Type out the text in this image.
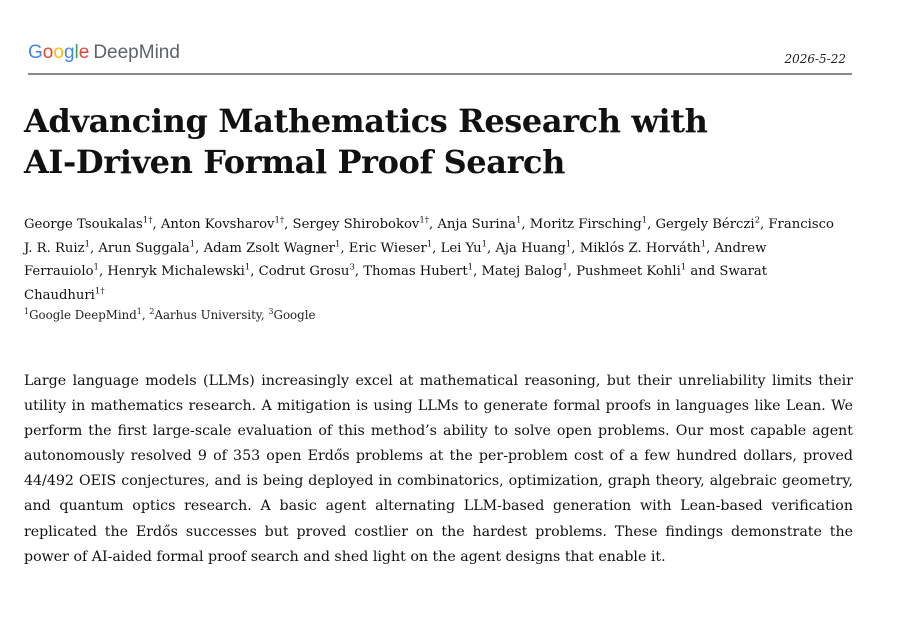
Google DeepMind	2026-5-22
Advancing Mathematics Research with
AI-Driven Formal Proof Search

George Tsoukalas$^{1\dagger}$, Anton Kovsharov$^{1\dagger}$, Sergey Shirobokov$^{1\dagger}$, Anja Surina$^1$, Moritz Firsching$^1$, Gergely Bérczi$^2$, Francisco J. R. Ruiz$^1$, Arun Suggala$^1$, Adam Zsolt Wagner$^1$, Eric Wieser$^1$, Lei Yu$^1$, Aja Huang$^1$, Miklós Z. Horváth$^1$, Andrew Ferrauiolo$^1$, Henryk Michalewski$^1$, Codrut Grosu$^3$, Thomas Hubert$^1$, Matej Balog$^1$, Pushmeet Kohli$^1$ and Swarat Chaudhuri$^{1\dagger}$

$^1$Google DeepMind$^1$, $^2$Aarhus University, $^3$Google

Large language models (LLMs) increasingly excel at mathematical reasoning, but their unreliability limits their utility in mathematics research. A mitigation is using LLMs to generate formal proofs in languages like Lean. We perform the first large-scale evaluation of this method’s ability to solve open problems. Our most capable agent autonomously resolved 9 of 353 open Erdős problems at the per-problem cost of a few hundred dollars, proved 44/492 OEIS conjectures, and is being deployed in combinatorics, optimization, graph theory, algebraic geometry, and quantum optics research. A basic agent alternating LLM-based generation with Lean-based verification replicated the Erdős successes but proved costlier on the hardest problems. These findings demonstrate the power of AI-aided formal proof search and shed light on the agent designs that enable it.
